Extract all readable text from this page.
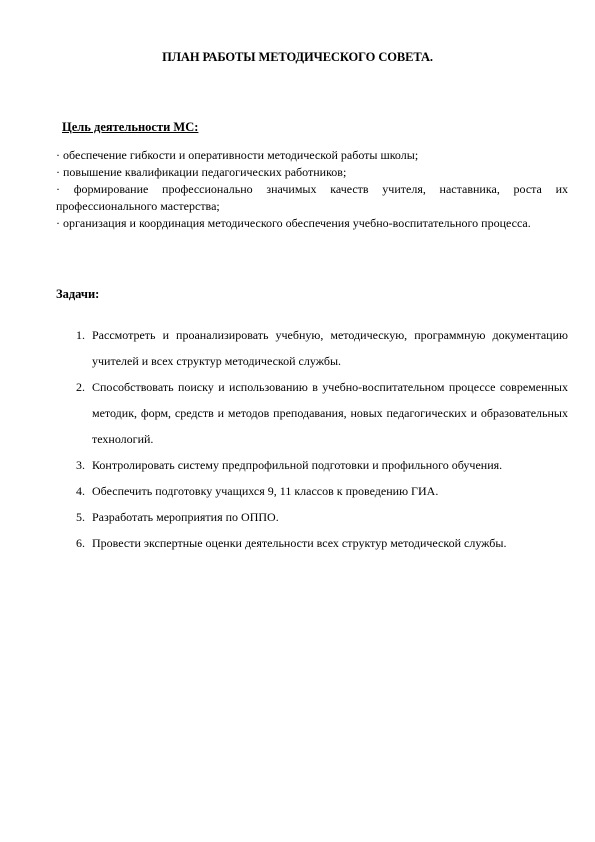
ПЛАН РАБОТЫ МЕТОДИЧЕСКОГО СОВЕТА.
Цель деятельности МС:
· обеспечение гибкости и оперативности методической работы школы;
· повышение квалификации педагогических работников;
· формирование профессионально значимых качеств учителя, наставника, роста их профессионального мастерства;
· организация и координация методического обеспечения учебно-воспитательного процесса.
Задачи:
1. Рассмотреть и проанализировать учебную, методическую, программную документацию учителей и всех структур методической службы.
2. Способствовать поиску и использованию в учебно-воспитательном процессе современных методик, форм, средств и методов преподавания, новых педагогических и образовательных технологий.
3. Контролировать систему предпрофильной подготовки и профильного обучения.
4. Обеспечить подготовку учащихся 9, 11 классов к проведению ГИА.
5. Разработать мероприятия по ОППО.
6. Провести экспертные оценки деятельности всех структур методической службы.
